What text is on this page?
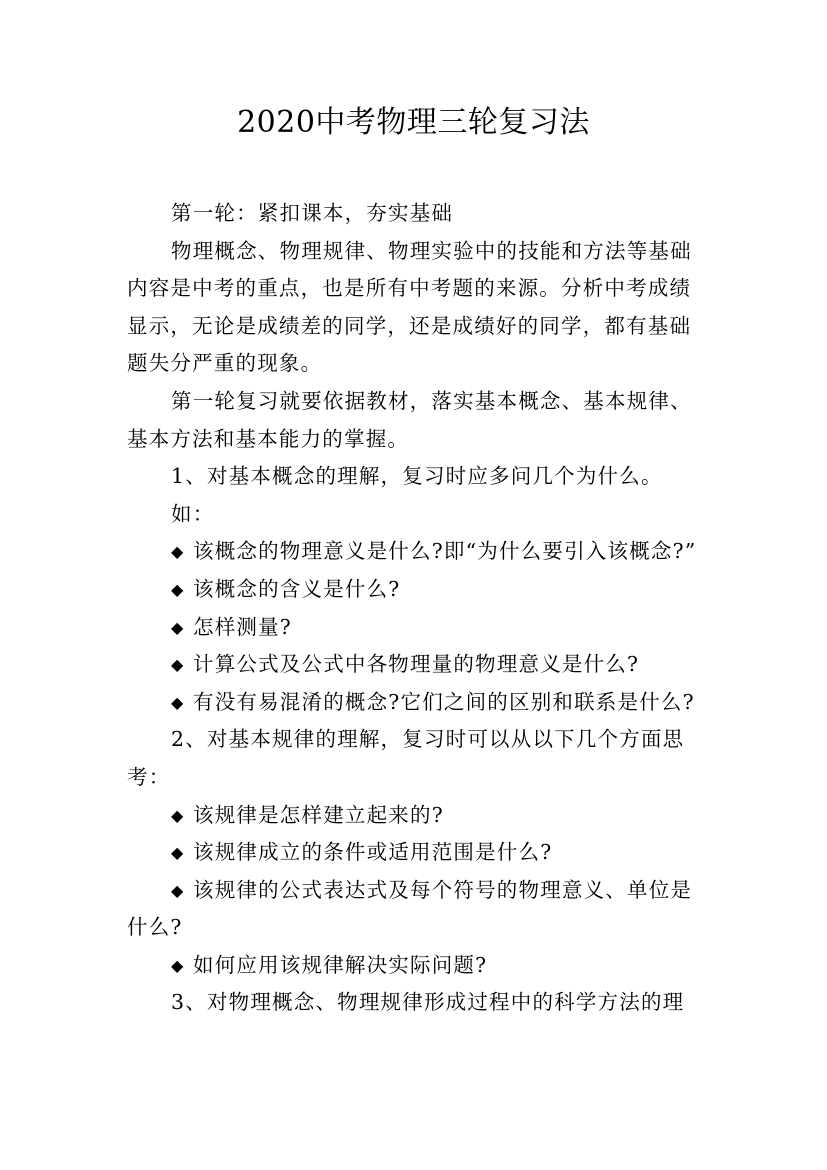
2020中考物理三轮复习法
第一轮：紧扣课本，夯实基础
物理概念、物理规律、物理实验中的技能和方法等基础
内容是中考的重点，也是所有中考题的来源。分析中考成绩
显示，无论是成绩差的同学，还是成绩好的同学，都有基础
题失分严重的现象。
第一轮复习就要依据教材，落实基本概念、基本规律、
基本方法和基本能力的掌握。
1、对基本概念的理解，复习时应多问几个为什么。
如：
◆ 该概念的物理意义是什么?即“为什么要引入该概念?”
◆ 该概念的含义是什么?
◆ 怎样测量?
◆ 计算公式及公式中各物理量的物理意义是什么?
◆ 有没有易混淆的概念?它们之间的区别和联系是什么?
2、对基本规律的理解，复习时可以从以下几个方面思
考：
◆ 该规律是怎样建立起来的?
◆ 该规律成立的条件或适用范围是什么?
◆ 该规律的公式表达式及每个符号的物理意义、单位是
什么?
◆ 如何应用该规律解决实际问题?
3、对物理概念、物理规律形成过程中的科学方法的理
